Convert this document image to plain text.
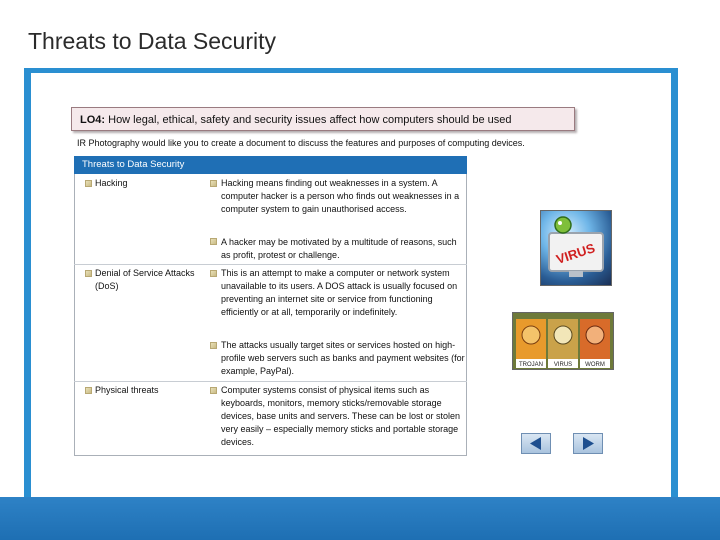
Threats to Data Security
LO4: How legal, ethical, safety and security issues affect how computers should be used
IR Photography would like you to create a document to discuss the features and purposes of computing devices.
Threats to Data Security
Hacking	Hacking means finding out weaknesses in a system. A computer hacker is a person who finds out weaknesses in a computer system to gain unauthorised access.
A hacker may be motivated by a multitude of reasons, such as profit, protest or challenge.
Denial of Service Attacks (DoS)
This is an attempt to make a computer or network system unavailable to its users. A DOS attack is usually focused on preventing an internet site or service from functioning efficiently or at all, temporarily or indefinitely.
The attacks usually target sites or services hosted on high-profile web servers such as banks and payment websites (for example, PayPal).
Physical threats	Computer systems consist of physical items such as keyboards, monitors, memory sticks/removable storage devices, base units and servers. These can be lost or stolen very easily – especially memory sticks and portable storage devices.
VIRUS
TROJAN VIRUS WORM
